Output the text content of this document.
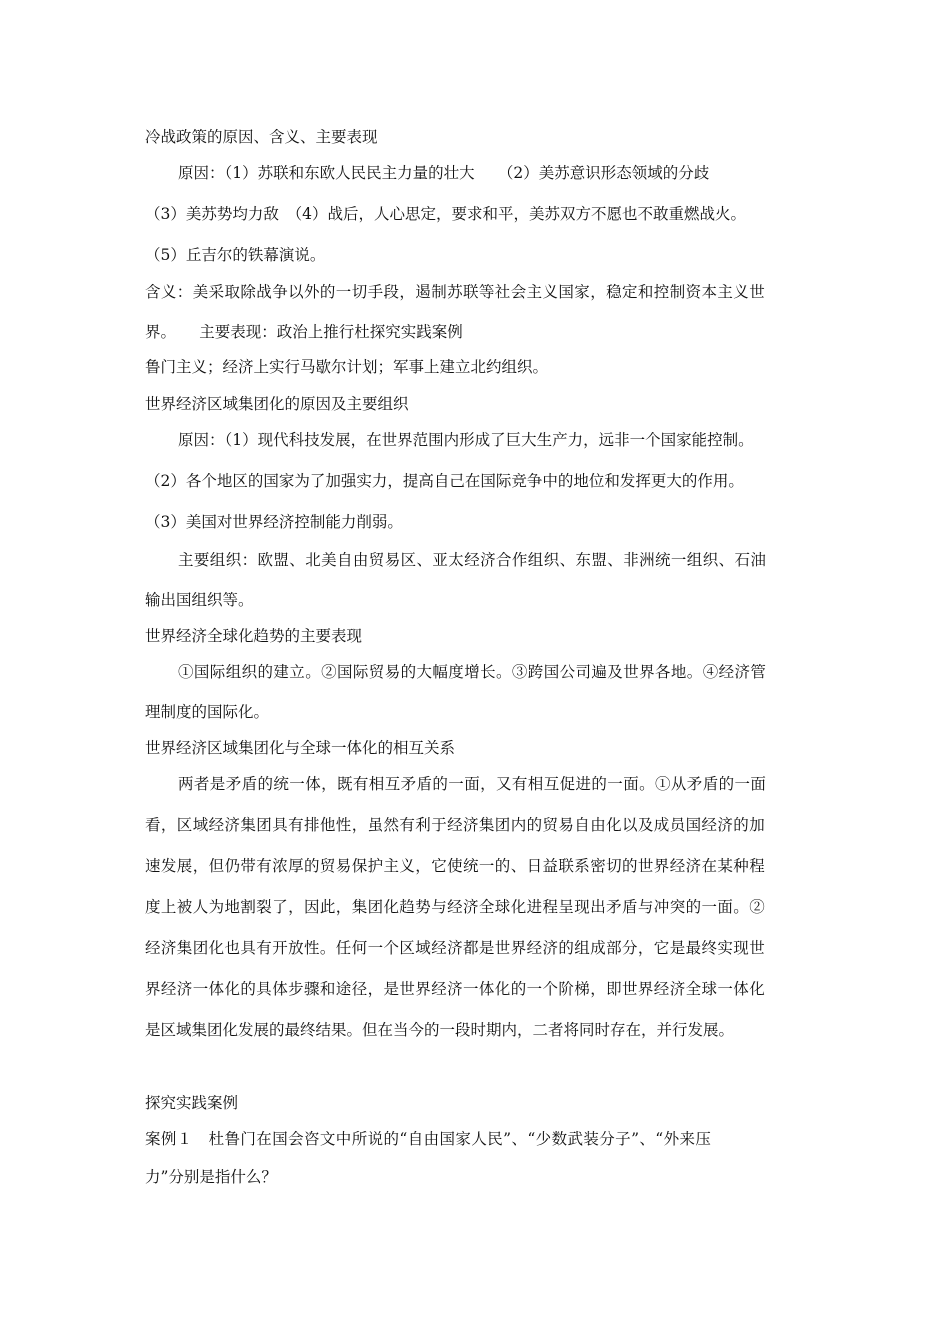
冷战政策的原因、含义、主要表现
原因：（1）苏联和东欧人民民主力量的壮大　　（2）美苏意识形态领域的分歧
（3）美苏势均力敌　（4）战后，人心思定，要求和平，美苏双方不愿也不敢重燃战火。
（5）丘吉尔的铁幕演说。
含义：美采取除战争以外的一切手段，遏制苏联等社会主义国家，稳定和控制资本主义世
界。　　主要表现：政治上推行杜探究实践案例
鲁门主义；经济上实行马歇尔计划；军事上建立北约组织。
世界经济区域集团化的原因及主要组织
原因：（1）现代科技发展，在世界范围内形成了巨大生产力，远非一个国家能控制。
（2）各个地区的国家为了加强实力，提高自己在国际竞争中的地位和发挥更大的作用。
（3）美国对世界经济控制能力削弱。
主要组织：欧盟、北美自由贸易区、亚太经济合作组织、东盟、非洲统一组织、石油
输出国组织等。
世界经济全球化趋势的主要表现
①国际组织的建立。②国际贸易的大幅度增长。③跨国公司遍及世界各地。④经济管
理制度的国际化。
世界经济区域集团化与全球一体化的相互关系
两者是矛盾的统一体，既有相互矛盾的一面，又有相互促进的一面。①从矛盾的一面
看，区域经济集团具有排他性，虽然有利于经济集团内的贸易自由化以及成员国经济的加
速发展，但仍带有浓厚的贸易保护主义，它使统一的、日益联系密切的世界经济在某种程
度上被人为地割裂了，因此，集团化趋势与经济全球化进程呈现出矛盾与冲突的一面。②
经济集团化也具有开放性。任何一个区域经济都是世界经济的组成部分，它是最终实现世
界经济一体化的具体步骤和途径，是世界经济一体化的一个阶梯，即世界经济全球一体化
是区域集团化发展的最终结果。但在当今的一段时期内，二者将同时存在，并行发展。
探究实践案例
案例１　杜鲁门在国会咨文中所说的“自由国家人民”、“少数武装分子”、“外来压
力”分别是指什么？
